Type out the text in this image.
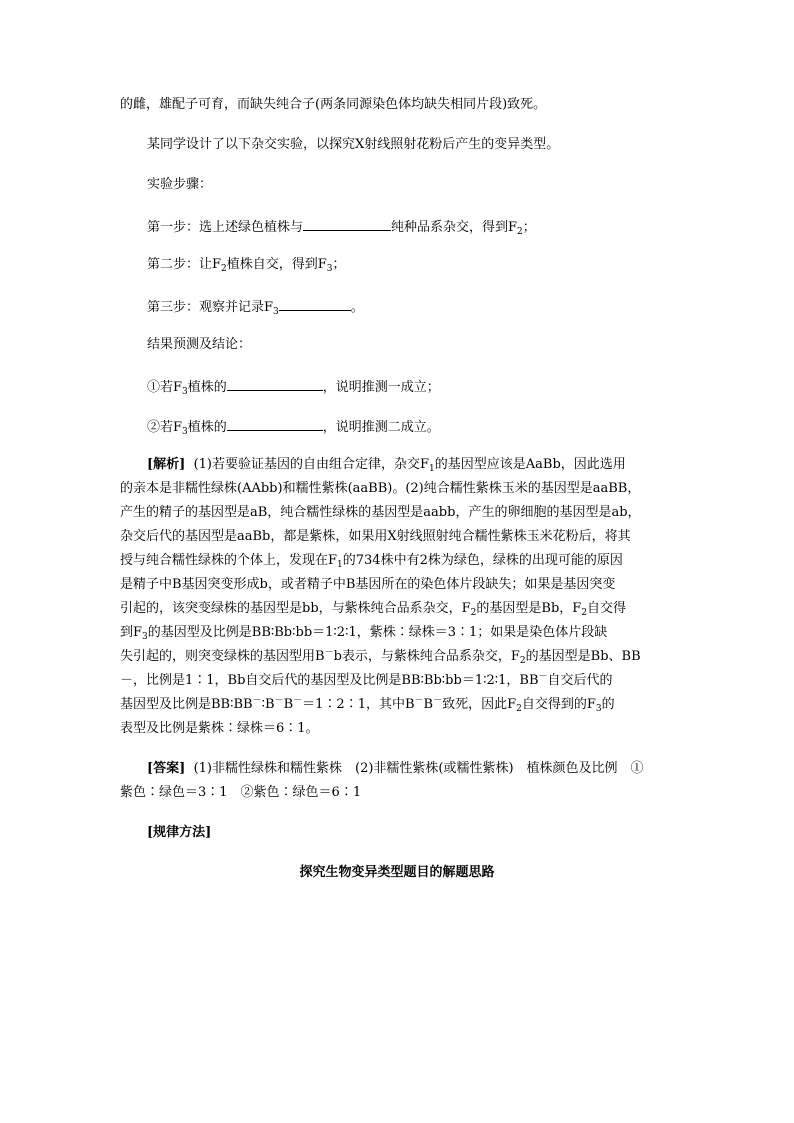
的雌，雄配子可育，而缺失纯合子(两条同源染色体均缺失相同片段)致死。
某同学设计了以下杂交实验，以探究X射线照射花粉后产生的变异类型。
实验步骤：
第一步：选上述绿色植株与	纯种品系杂交，得到$F_2$；
第二步：让$F_2$植株自交，得到$F_3$；
第三步：观察并记录$F_3$	。
结果预测及结论：
①若$F_3$植株的	，说明推测一成立；
②若$F_3$植株的	，说明推测二成立。
[解析] (1)若要验证基因的自由组合定律，杂交$F_1$的基因型应该是AaBb，因此选用
的亲本是非糯性绿株(AAbb)和糯性紫株(aaBB)。(2)纯合糯性紫株玉米的基因型是aaBB，
产生的精子的基因型是aB，纯合糯性绿株的基因型是aabb，产生的卵细胞的基因型是ab，
杂交后代的基因型是aaBb，都是紫株，如果用X射线照射纯合糯性紫株玉米花粉后，将其
授与纯合糯性绿株的个体上，发现在$F_1$的734株中有2株为绿色，绿株的出现可能的原因
是精子中B基因突变形成b，或者精子中B基因所在的染色体片段缺失；如果是基因突变
引起的，该突变绿株的基因型是bb，与紫株纯合品系杂交，$F_2$的基因型是Bb，$F_2$自交得
到$F_3$的基因型及比例是BB∶Bb∶bb＝1∶2∶1，紫株∶绿株＝3∶1；如果是染色体片段缺
失引起的，则突变绿株的基因型用B－b表示，与紫株纯合品系杂交，$F_2$的基因型是Bb、BB
－，比例是1∶1，Bb自交后代的基因型及比例是BB∶Bb∶bb＝1∶2∶1，BB－自交后代的
基因型及比例是BB∶BB－∶B－B－＝1∶2∶1，其中B－B－致死，因此$F_2$自交得到的$F_3$的
表型及比例是紫株∶绿株＝6∶1。
[答案] (1)非糯性绿株和糯性紫株　(2)非糯性紫株(或糯性紫株)　植株颜色及比例　①
紫色∶绿色＝3∶1　②紫色∶绿色＝6∶1
[规律方法]
探究生物变异类型题目的解题思路
